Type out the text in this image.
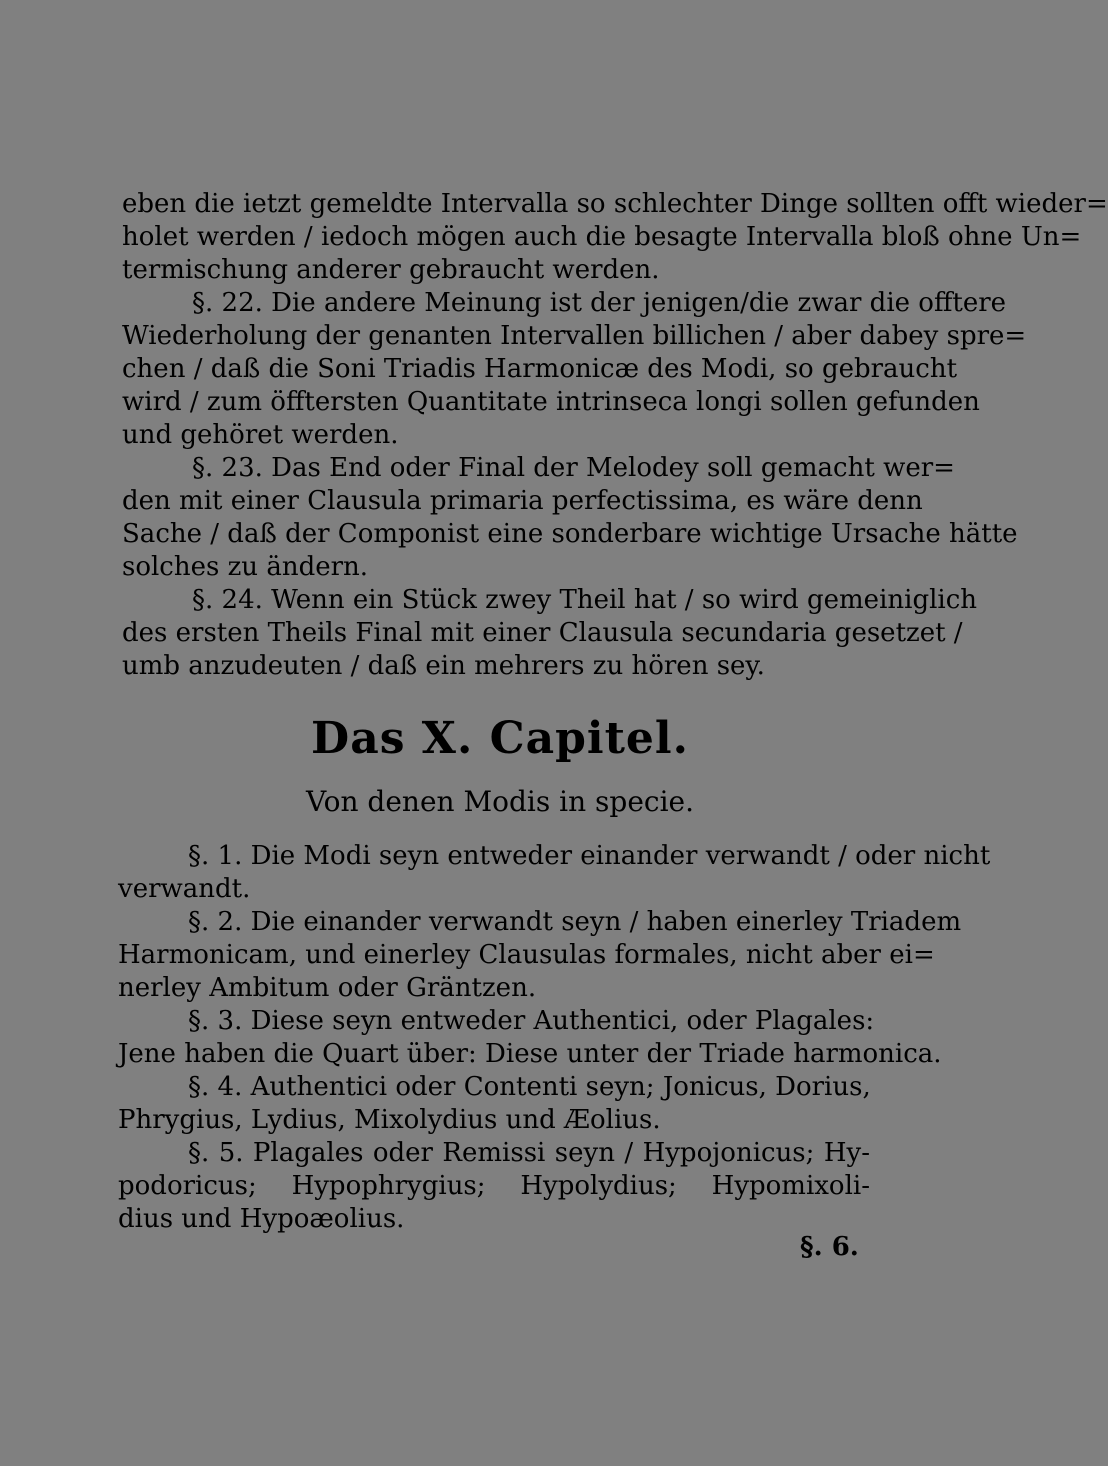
eben die ietzt gemeldte Intervalla so schlechter Dinge sollten offt wieder=
holet werden / iedoch mögen auch die besagte Intervalla bloß ohne Un=
termischung anderer gebraucht werden.
§. 22. Die andere Meinung ist der jenigen/die zwar die offtere
Wiederholung der genanten Intervallen billichen / aber dabey spre=
chen / daß die Soni Triadis Harmonicæ des Modi, so gebraucht
wird / zum öfftersten Quantitate intrinseca longi sollen gefunden
und gehöret werden.
§. 23. Das End oder Final der Melodey soll gemacht wer=
den mit einer Clausula primaria perfectissima, es wäre denn
Sache / daß der Componist eine sonderbare wichtige Ursache hätte
solches zu ändern.
§. 24. Wenn ein Stück zwey Theil hat / so wird gemeiniglich
des ersten Theils Final mit einer Clausula secundaria gesetzet /
umb anzudeuten / daß ein mehrers zu hören sey.
Das X. Capitel.
Von denen Modis in specie.
§. 1. Die Modi seyn entweder einander verwandt / oder nicht
verwandt.
§. 2. Die einander verwandt seyn / haben einerley Triadem
Harmonicam, und einerley Clausulas formales, nicht aber ei=
nerley Ambitum oder Gräntzen.
§. 3. Diese seyn entweder Authentici, oder Plagales:
Jene haben die Quart über: Diese unter der Triade harmonica.
§. 4. Authentici oder Contenti seyn; Jonicus, Dorius,
Phrygius, Lydius, Mixolydius und Æolius.
§. 5. Plagales oder Remissi seyn / Hypojonicus; Hy-
podoricus; Hypophrygius; Hypolydius; Hypomixoli-
dius und Hypoæolius.
§. 6.
